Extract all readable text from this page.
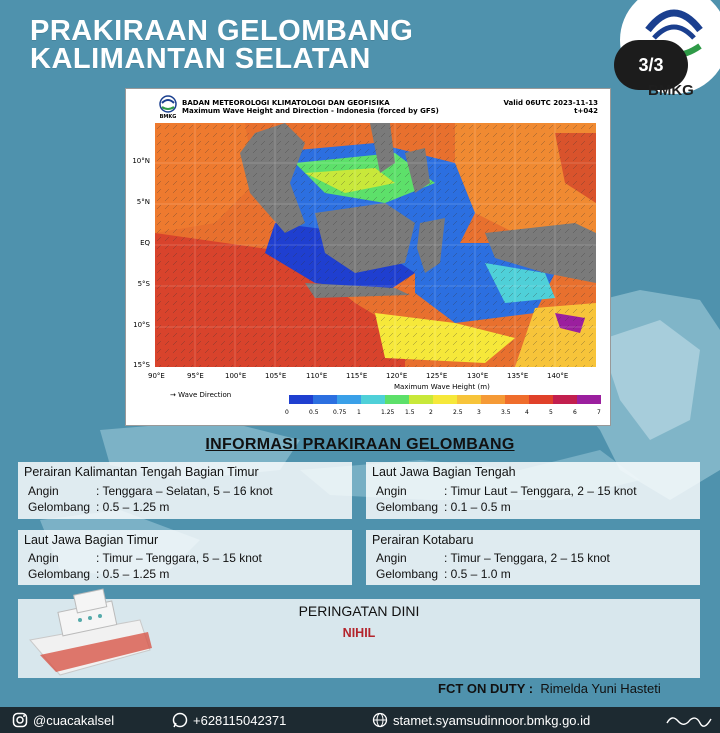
PRAKIRAAN GELOMBANG
KALIMANTAN SELATAN	3/3
BMKG
BMKG
BADAN METEOROLOGI KLIMATOLOGI DAN GEOFISIKA
Maximum Wave Height and Direction - Indonesia (forced by GFS)
Valid 06UTC 2023-11-13
t+042
10°N
5°N
EQ
5°S
10°S
15°S
90°E	95°E	100°E	105°E	110°E	115°E	120°E	125°E	130°E	135°E	140°E
→ Wave Direction
Maximum Wave Height (m)
0	0.5 0.75 1	1.25 1.5 2	2.5 3	3.5 4	5	6	7
INFORMASI PRAKIRAAN GELOMBANG
Perairan Kalimantan Tengah Bagian Timur
Angin	: Tenggara – Selatan, 5 – 16 knot
Gelombang : 0.5 – 1.25 m
Laut Jawa Bagian Tengah
Angin	: Timur Laut – Tenggara, 2 – 15 knot
Gelombang : 0.1 – 0.5 m
Laut Jawa Bagian Timur
Angin	: Timur – Tenggara, 5 – 15 knot
Gelombang : 0.5 – 1.25 m
Perairan Kotabaru
Angin	: Timur – Tenggara, 2 – 15 knot
Gelombang : 0.5 – 1.0 m
PERINGATAN DINI
NIHIL
FCT ON DUTY : Rimelda Yuni Hasteti
@cuacakalsel	+628115042371	stamet.syamsudinnoor.bmkg.go.id
